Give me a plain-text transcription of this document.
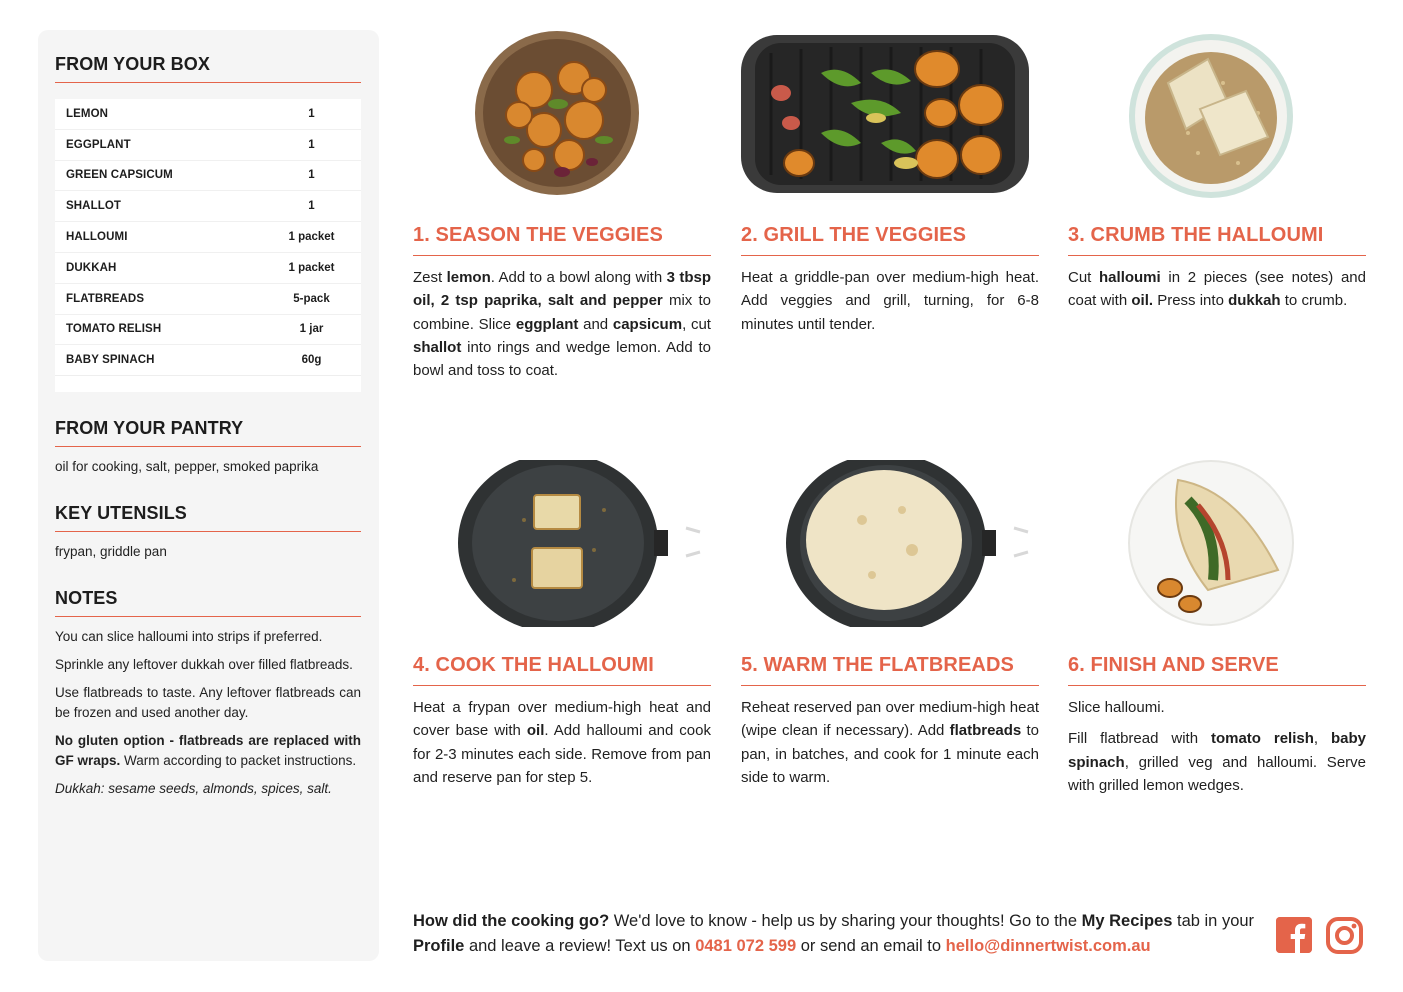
FROM YOUR BOX
LEMON	1
EGGPLANT	1
GREEN CAPSICUM	1
SHALLOT	1
HALLOUMI	1 packet
DUKKAH	1 packet
FLATBREADS	5-pack
TOMATO RELISH	1 jar
BABY SPINACH	60g
FROM YOUR PANTRY
oil for cooking, salt, pepper, smoked paprika
KEY UTENSILS
frypan, griddle pan
NOTES

You can slice halloumi into strips if preferred.

Sprinkle any leftover dukkah over filled flatbreads.

Use flatbreads to taste. Any leftover flatbreads can be frozen and used another day.

No gluten option - flatbreads are replaced with GF wraps. Warm according to packet instructions.

Dukkah: sesame seeds, almonds, spices, salt.

1. SEASON THE VEGGIES

Zest lemon. Add to a bowl along with 3 tbsp oil, 2 tsp paprika, salt and pepper mix to combine. Slice eggplant and capsicum, cut shallot into rings and wedge lemon. Add to bowl and toss to coat.

2. GRILL THE VEGGIES

Heat a griddle-pan over medium-high heat. Add veggies and grill, turning, for 6-8 minutes until tender.

3. CRUMB THE HALLOUMI

Cut halloumi in 2 pieces (see notes) and coat with oil. Press into dukkah to crumb.

4. COOK THE HALLOUMI

Heat a frypan over medium-high heat and cover base with oil. Add halloumi and cook for 2-3 minutes each side. Remove from pan and reserve pan for step 5.

5. WARM THE FLATBREADS

Reheat reserved pan over medium-high heat (wipe clean if necessary). Add flatbreads to pan, in batches, and cook for 1 minute each side to warm.

6. FINISH AND SERVE

Slice halloumi.

Fill flatbread with tomato relish, baby spinach, grilled veg and halloumi. Serve with grilled lemon wedges.

How did the cooking go? We'd love to know - help us by sharing your thoughts! Go to the My Recipes tab in your Profile and leave a review! Text us on 0481 072 599 or send an email to hello@dinnertwist.com.au
